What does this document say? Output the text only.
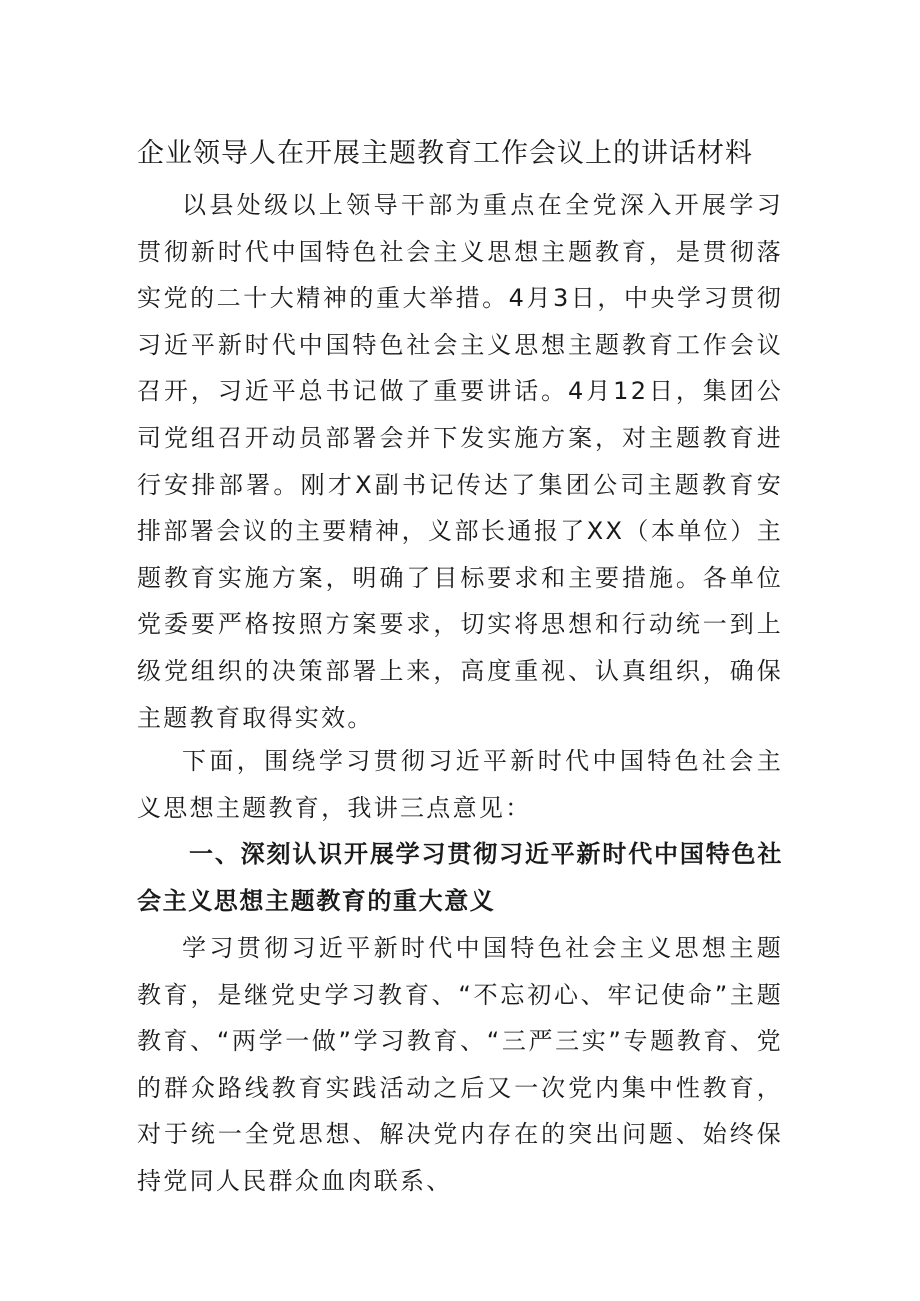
企业领导人在开展主题教育工作会议上的讲话材料

以县处级以上领导干部为重点在全党深入开展学习贯彻新时代中国特色社会主义思想主题教育，是贯彻落实党的二十大精神的重大举措。4月3日，中央学习贯彻习近平新时代中国特色社会主义思想主题教育工作会议召开，习近平总书记做了重要讲话。4月12日，集团公司党组召开动员部署会并下发实施方案，对主题教育进行安排部署。刚才X副书记传达了集团公司主题教育安排部署会议的主要精神，义部长通报了XX（本单位）主题教育实施方案，明确了目标要求和主要措施。各单位党委要严格按照方案要求，切实将思想和行动统一到上级党组织的决策部署上来，高度重视、认真组织，确保主题教育取得实效。

下面，围绕学习贯彻习近平新时代中国特色社会主义思想主题教育，我讲三点意见：

一、深刻认识开展学习贯彻习近平新时代中国特色社会主义思想主题教育的重大意义

学习贯彻习近平新时代中国特色社会主义思想主题教育，是继党史学习教育、“不忘初心、牢记使命”主题教育、“两学一做”学习教育、“三严三实”专题教育、党的群众路线教育实践活动之后又一次党内集中性教育，对于统一全党思想、解决党内存在的突出问题、始终保持党同人民群众血肉联系、
